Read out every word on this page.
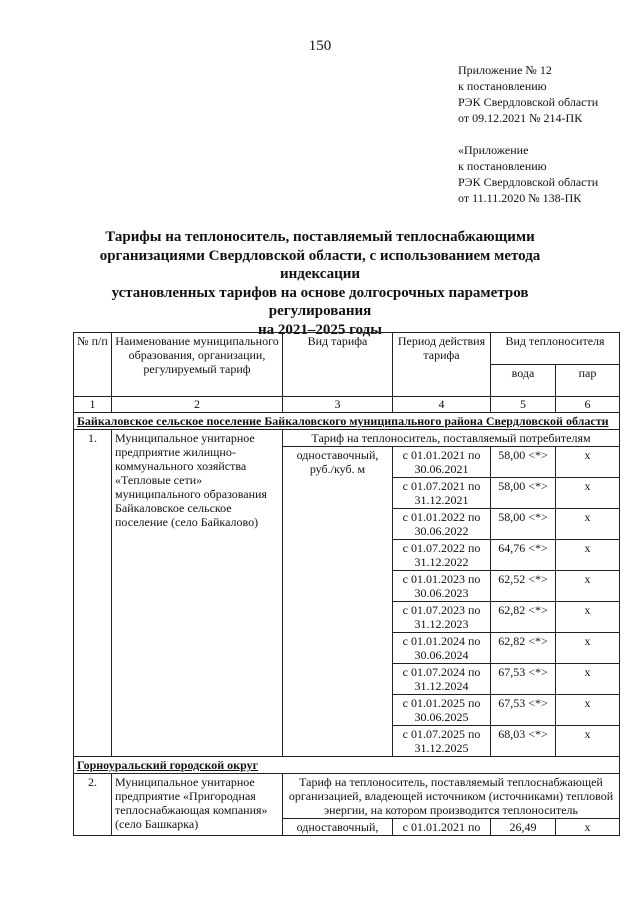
150
Приложение № 12
к постановлению
РЭК Свердловской области
от 09.12.2021 № 214-ПК
«Приложение
к постановлению
РЭК Свердловской области
от 11.11.2020 № 138-ПК
Тарифы на теплоноситель, поставляемый теплоснабжающими
организациями Свердловской области, с использованием метода индексации
установленных тарифов на основе долгосрочных параметров регулирования
на 2021–2025 годы
№ п/п	Наименование муниципального образования, организации, регулируемый тариф	Вид тарифа	Период действия тарифа	Вид теплоносителя	
				вода	пар
1	2	3	4	5	6
Байкаловское сельское поселение Байкаловского муниципального района Свердловской области					
1.	Муниципальное унитарное предприятие жилищно-коммунального хозяйства «Тепловые сети» муниципального образования Байкаловское сельское поселение (село Байкалово)	Тариф на теплоноситель, поставляемый потребителям			
		одноставочный, руб./куб. м	с 01.01.2021 по 30.06.2021	58,00 <*>	x
			с 01.07.2021 по 31.12.2021	58,00 <*>	x
			с 01.01.2022 по 30.06.2022	58,00 <*>	x
			с 01.07.2022 по 31.12.2022	64,76 <*>	x
			с 01.01.2023 по 30.06.2023	62,52 <*>	x
			с 01.07.2023 по 31.12.2023	62,82 <*>	x
			с 01.01.2024 по 30.06.2024	62,82 <*>	x
			с 01.07.2024 по 31.12.2024	67,53 <*>	x
			с 01.01.2025 по 30.06.2025	67,53 <*>	x
			с 01.07.2025 по 31.12.2025	68,03 <*>	x
Горноуральский городской округ					
2.	Муниципальное унитарное предприятие «Пригородная теплоснабжающая компания» (село Башкарка)	Тариф на теплоноситель, поставляемый теплоснабжающей организацией, владеющей источником (источниками) тепловой энергии, на котором производится теплоноситель			
		одноставочный,	с 01.01.2021 по	26,49	x
